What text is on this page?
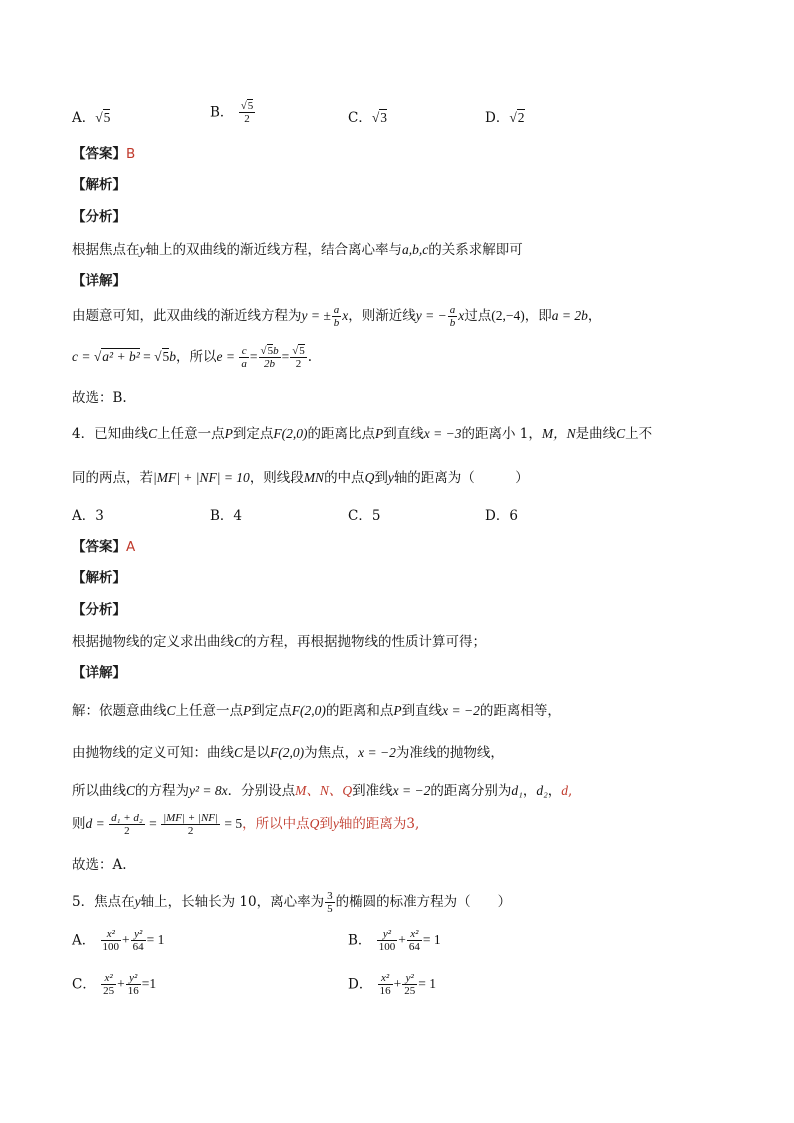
A． √ 5	B． √ $\frac{5}{2}$	C． √ 3	D． √ 2
【答案】B
【解析】
【分析】
根据焦点在y轴上的双曲线的渐近线方程，结合离心率与a,b,c的关系求解即可
【详解】
由题意可知，此双曲线的渐近线方程为y = ± $\frac{a}{b}$ x，则渐近线y = − $\frac{a}{b}$ x过点(2,−4)，即a = 2b，
c = √ a² + b² = √ 5b，所以$e = \frac{c}{a}$ = √ $\frac{5b}{2b}$ = √ $\frac{5}{2}$ .
故选：B.
4．已知曲线C上任意一点P到定点F(2,0)的距离比点P到直线x = −3的距离小 1，M，N是曲线C上不
同的两点，若|MF| + |NF| = 10，则线段MN的中点Q到y轴的距离为（　　　）
A．3	B．4	C．5	D．6
【答案】A
【解析】
【分析】
根据抛物线的定义求出曲线C的方程，再根据抛物线的性质计算可得；
【详解】
解：依题意曲线C上任意一点P到定点F(2,0)的距离和点P到直线x = −2的距离相等，
由抛物线的定义可知：曲线C是以F(2,0)为焦点，x = −2为准线的抛物线，
所以曲线C的方程为y² = 8x．分别设点M、N、Q到准线x = −2的距离分别为d₁，d₂，d,
则$d = \frac{\text{d₁ + d₂}}{2} = \frac{|MF| + |NF|}{2} = 5$，所以中点Q到y轴的距离为3,
故选：A.
5．焦点在y轴上，长轴长为 10，离心率为 $\frac{3}{5}$ 的椭圆的标准方程为（　　）
A． $\frac{\text{x²}}{100} + \frac{\text{y²}}{64} = 1$	B． $\frac{\text{y²}}{100} + \frac{\text{x²}}{64} = 1$
C． $\frac{\text{x²}}{25} + \frac{\text{y²}}{16} =1$	D． $\frac{\text{x²}}{16} + \frac{\text{y²}}{25} = 1$
